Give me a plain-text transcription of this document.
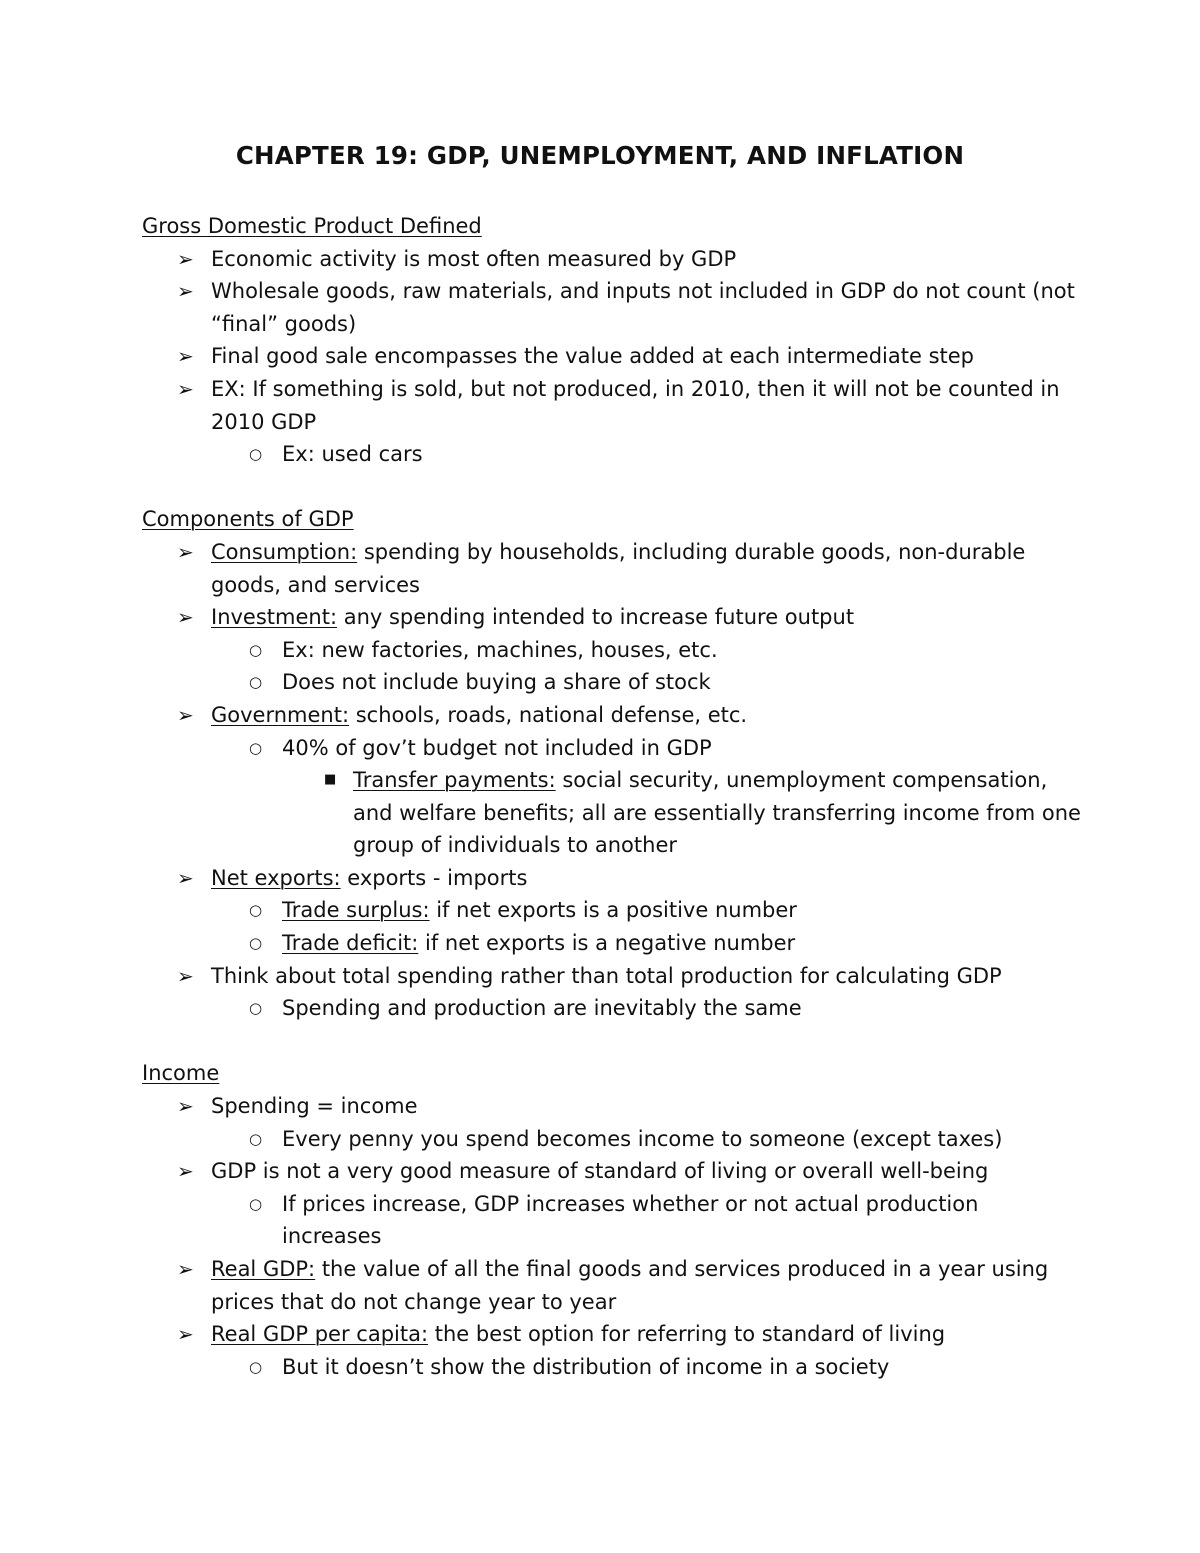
CHAPTER 19: GDP, UNEMPLOYMENT, AND INFLATION
Gross Domestic Product Defined
➢ Economic activity is most often measured by GDP
➢ Wholesale goods, raw materials, and inputs not included in GDP do not count (not “final” goods)
➢ Final good sale encompasses the value added at each intermediate step
➢ EX: If something is sold, but not produced, in 2010, then it will not be counted in 2010 GDP
○ Ex: used cars
Components of GDP
➢ Consumption: spending by households, including durable goods, non-durable goods, and services
➢ Investment: any spending intended to increase future output
○ Ex: new factories, machines, houses, etc.
○ Does not include buying a share of stock
➢ Government: schools, roads, national defense, etc.
○ 40% of gov’t budget not included in GDP
■ Transfer payments: social security, unemployment compensation, and welfare benefits; all are essentially transferring income from one group of individuals to another
➢ Net exports: exports - imports
○ Trade surplus: if net exports is a positive number
○ Trade deficit: if net exports is a negative number
➢ Think about total spending rather than total production for calculating GDP
○ Spending and production are inevitably the same
Income
➢ Spending = income
○ Every penny you spend becomes income to someone (except taxes)
➢ GDP is not a very good measure of standard of living or overall well-being
○ If prices increase, GDP increases whether or not actual production increases
➢ Real GDP: the value of all the final goods and services produced in a year using prices that do not change year to year
➢ Real GDP per capita: the best option for referring to standard of living
○ But it doesn’t show the distribution of income in a society
